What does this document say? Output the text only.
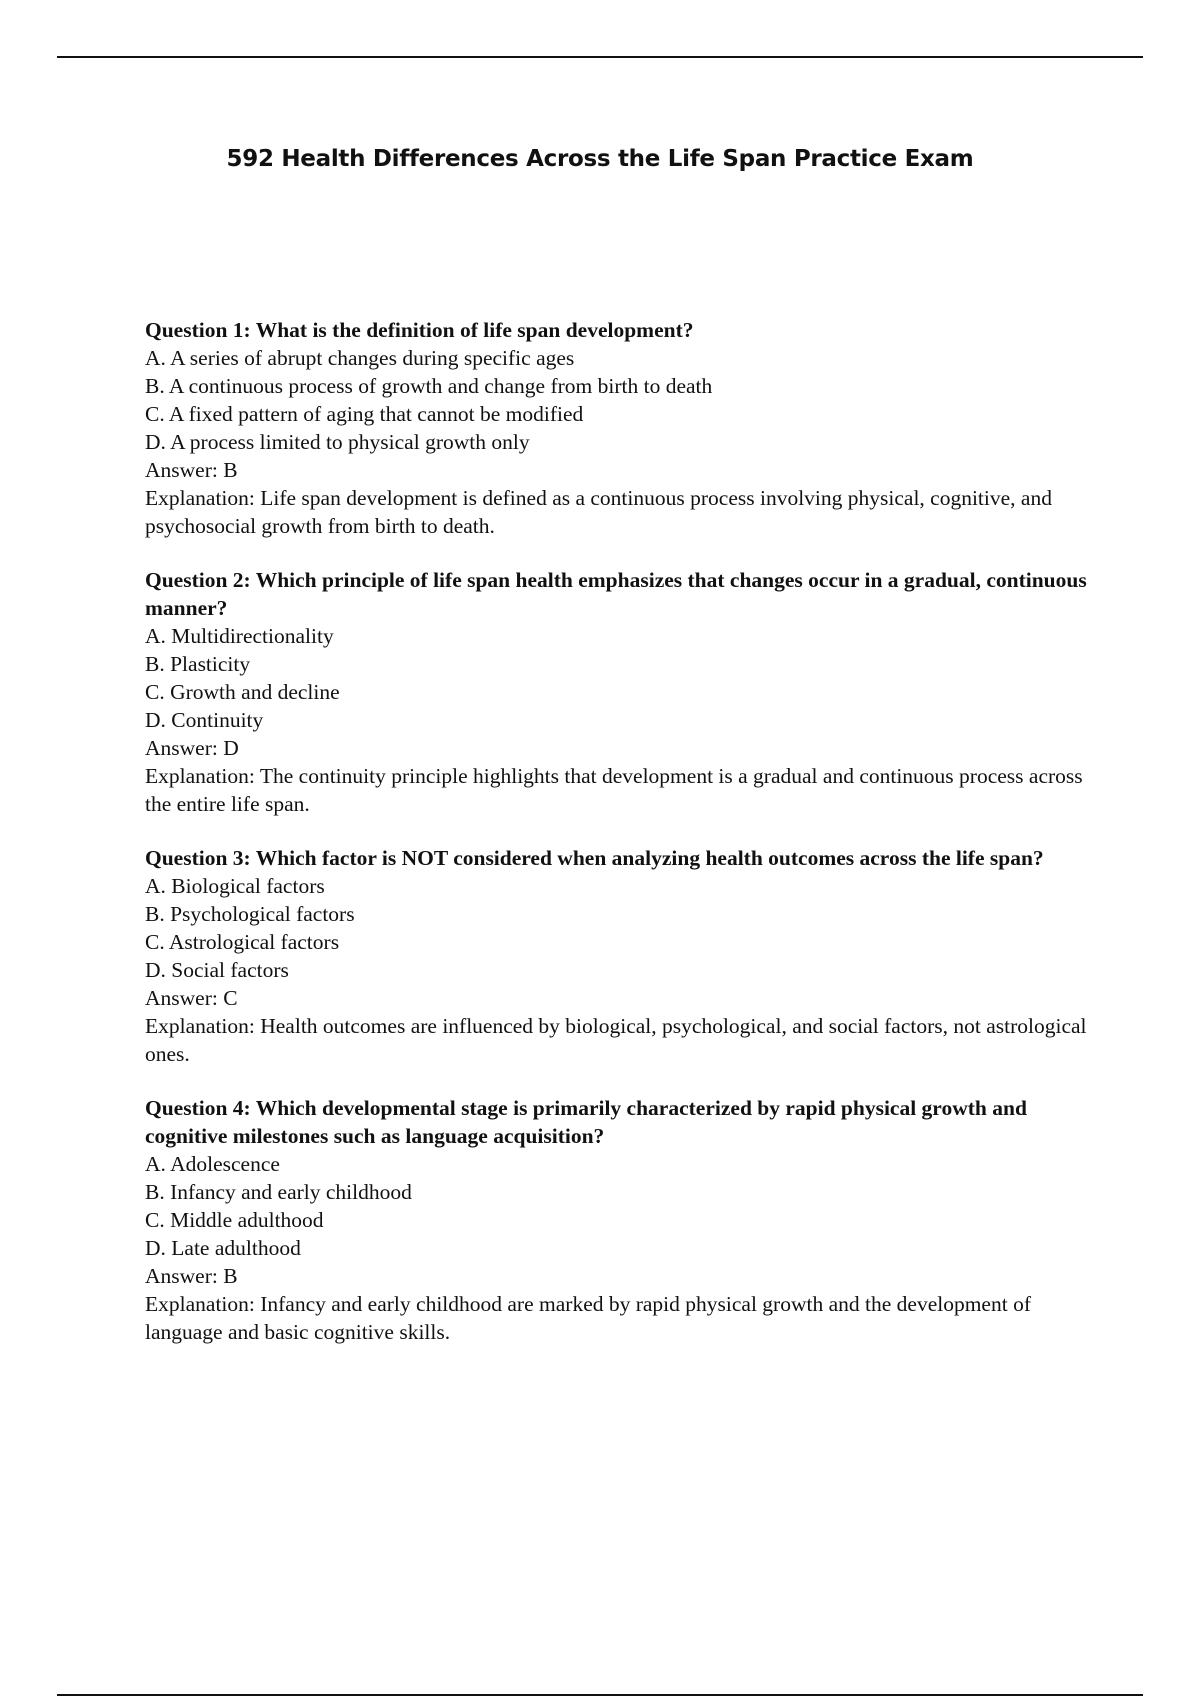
592 Health Differences Across the Life Span Practice Exam

Question 1: What is the definition of life span development?

A. A series of abrupt changes during specific ages

B. A continuous process of growth and change from birth to death

C. A fixed pattern of aging that cannot be modified

D. A process limited to physical growth only

Answer: B

Explanation: Life span development is defined as a continuous process involving physical, cognitive, and psychosocial growth from birth to death.

Question 2: Which principle of life span health emphasizes that changes occur in a gradual, continuous manner?

A. Multidirectionality

B. Plasticity

C. Growth and decline

D. Continuity

Answer: D

Explanation: The continuity principle highlights that development is a gradual and continuous process across the entire life span.

Question 3: Which factor is NOT considered when analyzing health outcomes across the life span?

A. Biological factors

B. Psychological factors

C. Astrological factors

D. Social factors

Answer: C

Explanation: Health outcomes are influenced by biological, psychological, and social factors, not astrological ones.

Question 4: Which developmental stage is primarily characterized by rapid physical growth and cognitive milestones such as language acquisition?

A. Adolescence

B. Infancy and early childhood

C. Middle adulthood

D. Late adulthood

Answer: B

Explanation: Infancy and early childhood are marked by rapid physical growth and the development of language and basic cognitive skills.
